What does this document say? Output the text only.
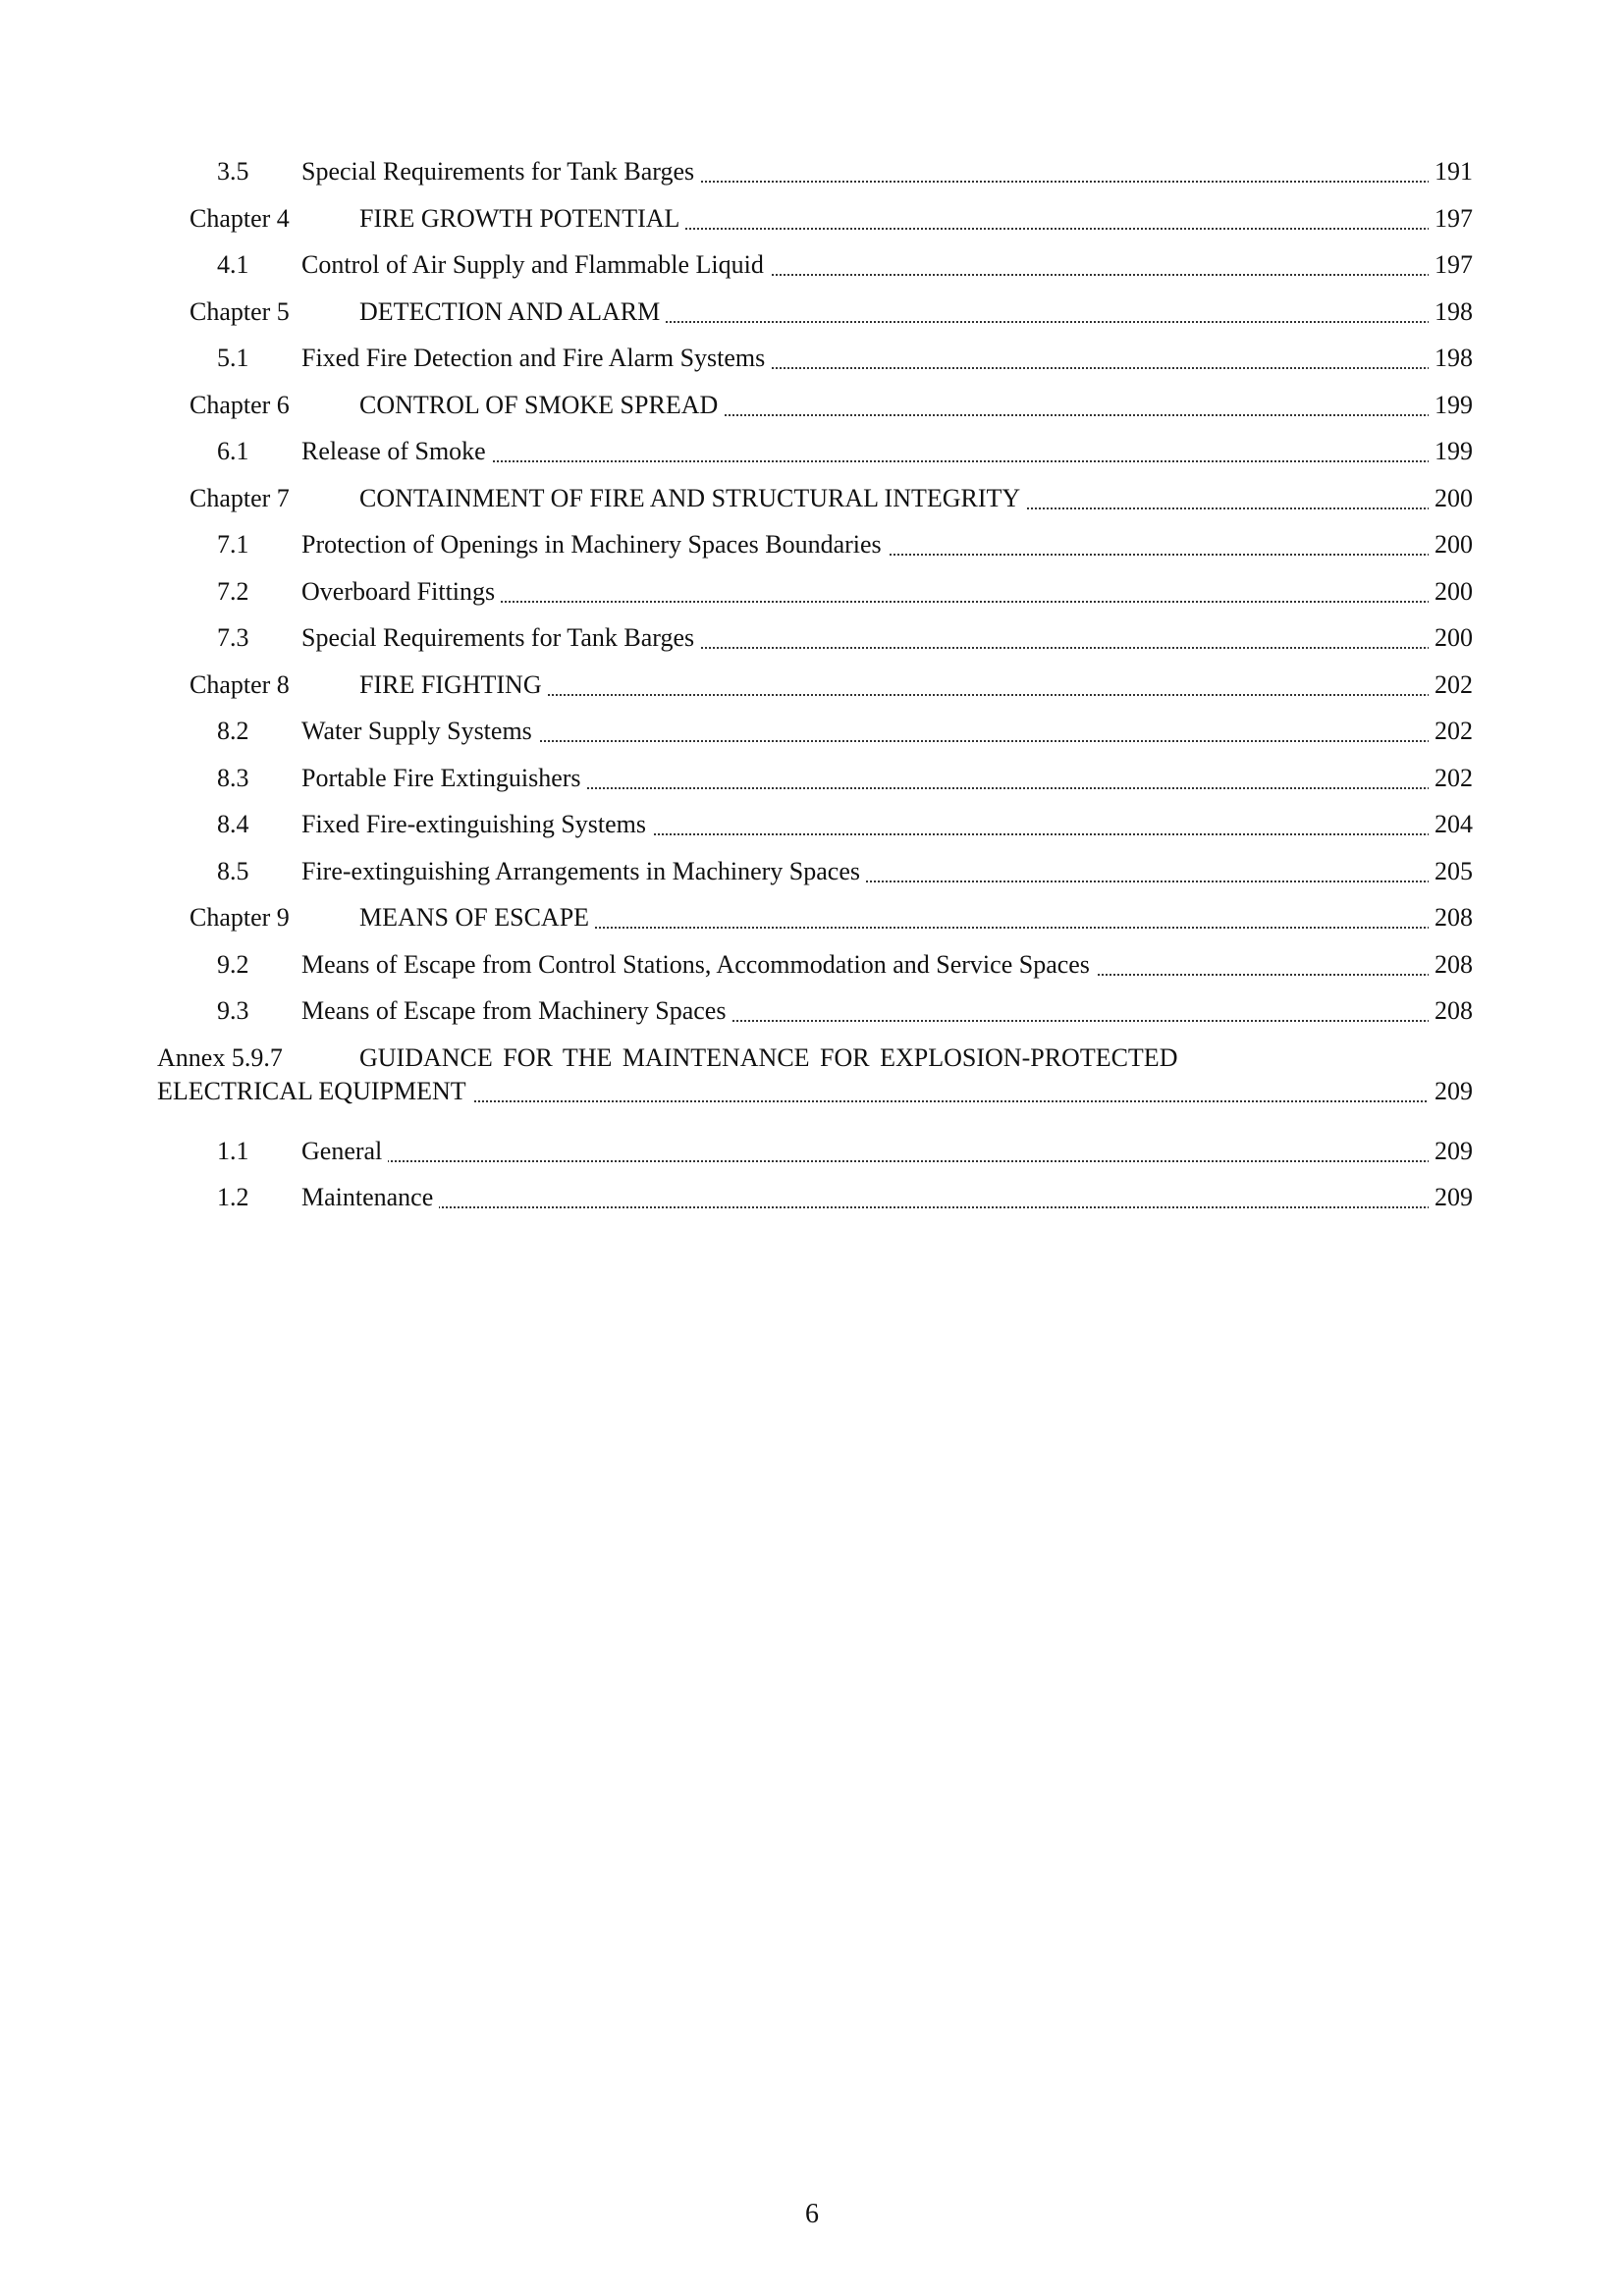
3.5 Special Requirements for Tank Barges	191
Chapter 4	FIRE GROWTH POTENTIAL	197
4.1 Control of Air Supply and Flammable Liquid	197
Chapter 5	DETECTION AND ALARM	198
5.1 Fixed Fire Detection and Fire Alarm Systems	198
Chapter 6	CONTROL OF SMOKE SPREAD	199
6.1 Release of Smoke	199
Chapter 7	CONTAINMENT OF FIRE AND STRUCTURAL INTEGRITY	200
7.1 Protection of Openings in Machinery Spaces Boundaries	200
7.2 Overboard Fittings	200
7.3 Special Requirements for Tank Barges	200
Chapter 8	FIRE FIGHTING	202
8.2 Water Supply Systems	202
8.3 Portable Fire Extinguishers	202
8.4 Fixed Fire-extinguishing Systems	204
8.5 Fire-extinguishing Arrangements in Machinery Spaces	205
Chapter 9	MEANS OF ESCAPE	208
9.2 Means of Escape from Control Stations, Accommodation and Service Spaces	208
9.3 Means of Escape from Machinery Spaces	208
Annex 5.9.7	GUIDANCE FOR THE MAINTENANCE FOR EXPLOSION-PROTECTED
ELECTRICAL EQUIPMENT	209
1.1 General	209
1.2 Maintenance	209
6
